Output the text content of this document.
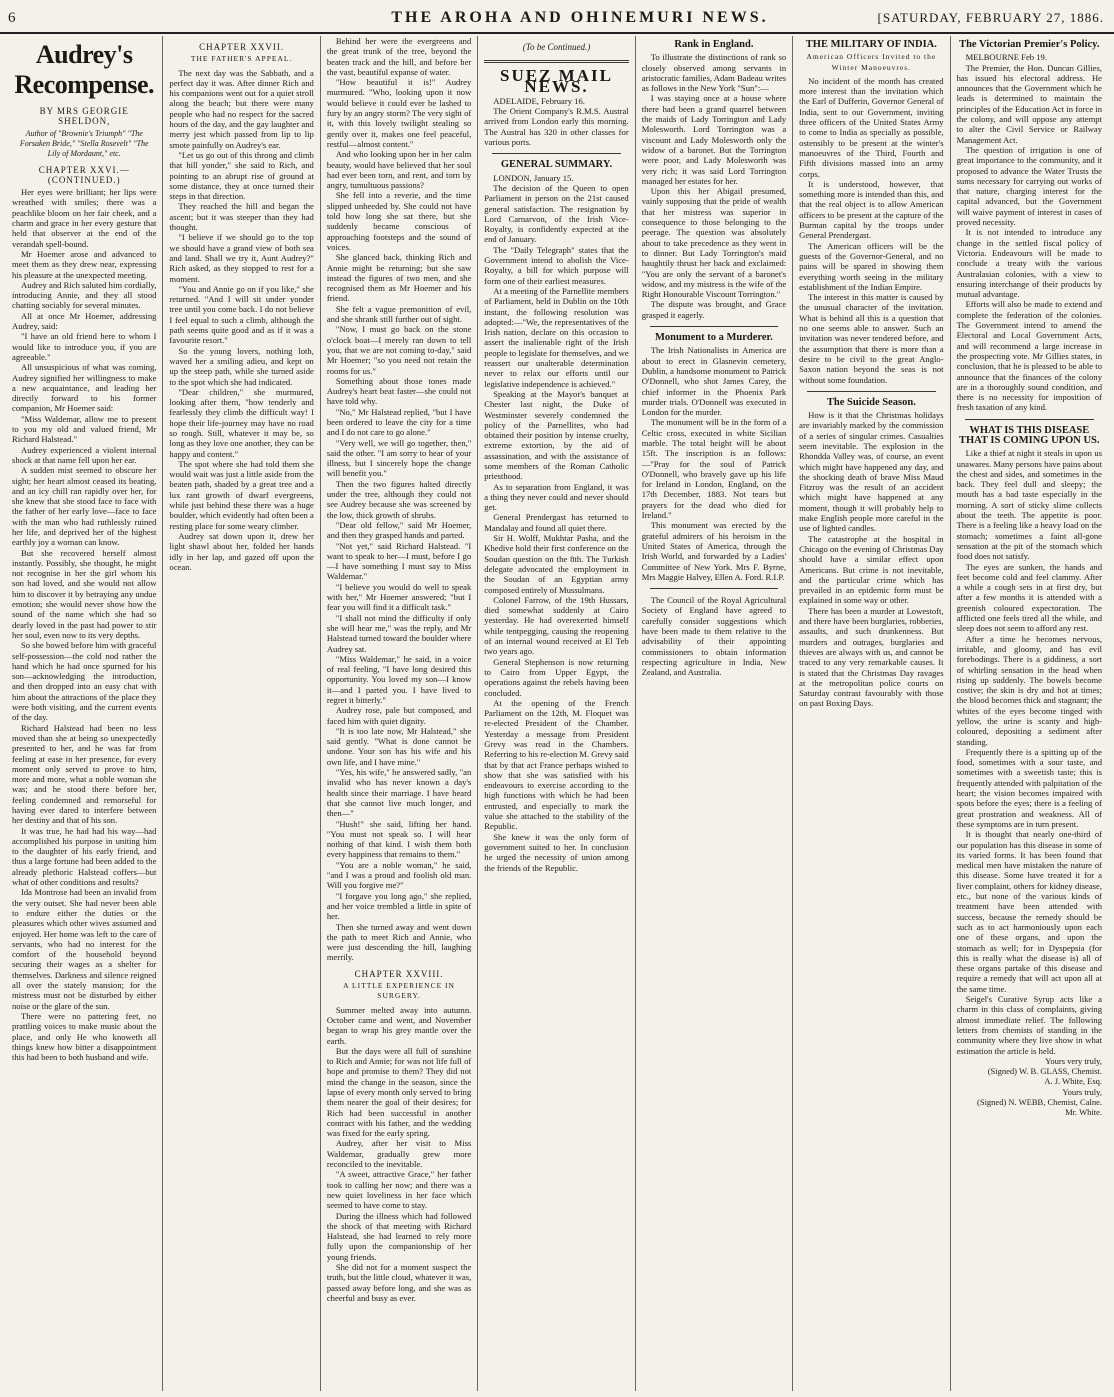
6	THE AROHA AND OHINEMURI NEWS.	[SATURDAY, FEBRUARY 27, 1886.
Audrey's Recompense.
BY MRS GEORGIE SHELDON,
Author of "Brownie's Triumph" "The Forsaken Bride," "Stella Rosevelt" "The Lily of Mordaunt," etc.
CHAPTER XXVI.—(CONTINUED.)

Her eyes were brilliant; her lips were wreathed with smiles; there was a peachlike bloom on her fair cheek, and a charm and grace in her every gesture that held that observer at the end of the verandah spell-bound.

Mr Hoemer arose and advanced to meet them as they drew near, expressing his pleasure at the unexpected meeting.

Audrey and Rich saluted him cordially, introducing Annie, and they all stood chatting sociably for several minutes.

All at once Mr Hoemer, addressing Audrey, said:

"I have an old friend here to whom I would like to introduce you, if you are agreeable."

All unsuspicious of what was coming, Audrey signified her willingness to make a new acquaintance, and leading her directly forward to his former companion, Mr Hoemer said:

"Miss Waldemar, allow me to present to you my old and valued friend, Mr Richard Halstead."

Audrey experienced a violent internal shock at that name fell upon her ear.

A sudden mist seemed to obscure her sight; her heart almost ceased its beating, and an icy chill ran rapidly over her, for she knew that she stood face to face with the father of her early love—face to face with the man who had ruthlessly ruined her life, and deprived her of the highest earthly joy a woman can know.

But she recovered herself almost instantly. Possibly, she thought, he might not recognise in her the girl whom his son had loved, and she would not allow him to discover it by betraying any undue emotion; she would never show how the sound of the name which she had so dearly loved in the past had power to stir her soul, even now to its very depths.

So she bowed before him with graceful self-possession—the cold nod rather the hand which he had once spurned for his son—acknowledging the introduction, and then dropped into an easy chat with him about the attractions of the place they were both visiting, and the current events of the day.

Richard Halstead had been no less moved than she at being so unexpectedly presented to her, and he was far from feeling at ease in her presence, for every moment only served to prove to him, more and more, what a noble woman she was; and he stood there before her, feeling condemned and remorseful for having ever dared to interfere between her destiny and that of his son.

It was true, he had had his way—had accomplished his purpose in uniting him to the daughter of his early friend, and thus a large fortune had been added to the already plethoric Halstead coffers—but what of other conditions and results?

Ida Montrose had been an invalid from the very outset. She had never been able to endure either the duties or the pleasures which other wives assumed and enjoyed. Her home was left to the care of servants, who had no interest for the comfort of the household beyond securing their wages as a shelter for themselves. Darkness and silence reigned all over the stately mansion; for the mistress must not be disturbed by either noise or the glare of the sun.

There were no pattering feet, no prattling voices to make music about the place, and only He who knoweth all things knew how bitter a disappointment this had been to both husband and wife.

CHAPTER XXVII.
THE FATHER'S APPEAL.

The next day was the Sabbath, and a perfect day it was. After dinner Rich and his companions went out for a quiet stroll along the beach; but there were many people who had no respect for the sacred hours of the day, and the gay laughter and merry jest which passed from lip to lip smote painfully on Audrey's ear.

"Let us go out of this throng and climb that hill yonder," she said to Rich, and pointing to an abrupt rise of ground at some distance, they at once turned their steps in that direction.

They reached the hill and began the ascent; but it was steeper than they had thought.

"I believe if we should go to the top we should have a grand view of both sea and land. Shall we try it, Aunt Audrey?" Rich asked, as they stopped to rest for a moment.

"You and Annie go on if you like," she returned. "And I will sit under yonder tree until you come back. I do not believe I feel equal to such a climb, although the path seems quite good and as if it was a favourite resort."

So the young lovers, nothing loth, waved her a smiling adieu, and kept on up the steep path, while she turned aside to the spot which she had indicated.

"Dear children," she murmured, looking after them, "how tenderly and fearlessly they climb the difficult way! I hope their life-journey may have no road so rough. Still, whatever it may be, so long as they love one another, they can be happy and content."

The spot where she had told them she would wait was just a little aside from the beaten path, shaded by a great tree and a lux rant growth of dwarf evergreens, while just behind these there was a huge boulder, which evidently had often been a resting place for some weary climber.

Audrey sat down upon it, drew her light shawl about her, folded her hands idly in her lap, and gazed off upon the ocean.

Behind her were the evergreens and the great trunk of the tree, beyond the beaten track and the hill, and before her the vast, beautiful expanse of water.

"How beautiful it is!" Audrey murmured. "Who, looking upon it now would believe it could ever be lashed to fury by an angry storm? The very sight of it, with this lovely twilight stealing so gently over it, makes one feel peaceful, restful—almost content."

And who looking upon her in her calm beauty, would have believed that her soul had ever been torn, and rent, and torn by angry, tumultuous passions?

She fell into a reverie, and the time slipped unheeded by. She could not have told how long she sat there, but she suddenly became conscious of approaching footsteps and the sound of voices.

She glanced back, thinking Rich and Annie might be returning; but she saw instead the figures of two men, and she recognised them as Mr Hoemer and his friend.

She felt a vague premonition of evil, and she shrank still further out of sight.

"Now, I must go back on the stone o'clock boat—I merely ran down to tell you, that we are not coming to-day," said Mr Hoemer; "so you need not retain the rooms for us."

Something about those tones made Audrey's heart beat faster—she could not have told why.

"No," Mr Halstead replied, "but I have been ordered to leave the city for a time and I do not care to go alone."

"Very well, we will go together, then," said the other. "I am sorry to hear of your illness, but I sincerely hope the change will benefit you."

Then the two figures halted directly under the tree, although they could not see Audrey because she was screened by the low, thick growth of shrubs.

"Dear old fellow," said Mr Hoemer, and then they grasped hands and parted.

"Not yet," said Richard Halstead. "I want to speak to her—I must, before I go—I have something I must say to Miss Waldemar."

"I believe you would do well to speak with her," Mr Hoemer answered; "but I fear you will find it a difficult task."

"I shall not mind the difficulty if only she will hear me," was the reply, and Mr Halstead turned toward the boulder where Audrey sat.

"Miss Waldemar," he said, in a voice of real feeling, "I have long desired this opportunity. You loved my son—I know it—and I parted you. I have lived to regret it bitterly."

Audrey rose, pale but composed, and faced him with quiet dignity.

"It is too late now, Mr Halstead," she said gently. "What is done cannot be undone. Your son has his wife and his own life, and I have mine."

"Yes, his wife," he answered sadly, "an invalid who has never known a day's health since their marriage. I have heard that she cannot live much longer, and then—"

"Hush!" she said, lifting her hand. "You must not speak so. I will hear nothing of that kind. I wish them both every happiness that remains to them."

"You are a noble woman," he said, "and I was a proud and foolish old man. Will you forgive me?"

"I forgave you long ago," she replied, and her voice trembled a little in spite of her.

Then she turned away and went down the path to meet Rich and Annie, who were just descending the hill, laughing merrily.

CHAPTER XXVIII.
A LITTLE EXPERIENCE IN SURGERY.

Summer melted away into autumn. October came and went, and November began to wrap his grey mantle over the earth.

But the days were all full of sunshine to Rich and Annie; for was not life full of hope and promise to them? They did not mind the change in the season, since the lapse of every month only served to bring them nearer the goal of their desires; for Rich had been successful in another contract with his father, and the wedding was fixed for the early spring.

Audrey, after her visit to Miss Waldemar, gradually grew more reconciled to the inevitable.

"A sweet, attractive Grace," her father took to calling her now; and there was a new quiet loveliness in her face which seemed to have come to stay.

During the illness which had followed the shock of that meeting with Richard Halstead, she had learned to rely more fully upon the companionship of her young friends.

She did not for a moment suspect the truth, but the little cloud, whatever it was, passed away before long, and she was as cheerful and busy as ever.

(To be Continued.)
SUEZ MAIL NEWS.

ADELAIDE, February 16.

The Orient Company's R.M.S. Austral arrived from London early this morning. The Austral has 320 in other classes for various ports.

GENERAL SUMMARY.

LONDON, January 15.

The decision of the Queen to open Parliament in person on the 21st caused general satisfaction. The resignation by Lord Carnarvon, of the Irish Vice-Royalty, is confidently expected at the end of January.

The "Daily Telegraph" states that the Government intend to abolish the Vice-Royalty, a bill for which purpose will form one of their earliest measures.

At a meeting of the Parnellite members of Parliament, held in Dublin on the 10th instant, the following resolution was adopted:—"We, the representatives of the Irish nation, declare on this occasion to assert the inalienable right of the Irish people to legislate for themselves, and we reassert our unalterable determination never to relax our efforts until our legislative independence is achieved."

Speaking at the Mayor's banquet at Chester last night, the Duke of Westminster severely condemned the policy of the Parnellites, who had obtained their position by intense cruelty, extreme extortion, by the aid of assassination, and with the assistance of some members of the Roman Catholic priesthood.

As to separation from England, it was a thing they never could and never should get.

General Prendergast has returned to Mandalay and found all quiet there.

Sir H. Wolff, Mukhtar Pasha, and the Khedive hold their first conference on the Soudan question on the 8th. The Turkish delegate advocated the employment in the Soudan of an Egyptian army composed entirely of Mussulmans.

Colonel Farrow, of the 19th Hussars, died somewhat suddenly at Cairo yesterday. He had overexerted himself while tentpegging, causing the reopening of an internal wound received at El Teb two years ago.

General Stephenson is now returning to Cairo from Upper Egypt, the operations against the rebels having been concluded.

At the opening of the French Parliament on the 12th, M. Floquet was re-elected President of the Chamber. Yesterday a message from President Grevy was read in the Chambers. Referring to his re-election M. Grevy said that by that act France perhaps wished to show that she was satisfied with his endeavours to exercise according to the high functions with which he had been entrusted, and especially to mark the value she attached to the stability of the Republic.

She knew it was the only form of government suited to her. In conclusion he urged the necessity of union among the friends of the Republic.

Rank in England.

To illustrate the distinctions of rank so closely observed among servants in aristocratic families, Adam Badeau writes as follows in the New York "Sun":—

I was staying once at a house where there had been a grand quarrel between the maids of Lady Torrington and Lady Molesworth. Lord Torrington was a viscount and Lady Molesworth only the widow of a baronet. But the Torrington were poor, and Lady Molesworth was very rich; it was said Lord Torrington managed her estates for her.

Upon this her Abigail presumed, vainly supposing that the pride of wealth that her mistress was superior in consequence to those belonging to the peerage. The question was absolutely about to take precedence as they went in to dinner. But Lady Torrington's maid haughtily thrust her back and exclaimed: "You are only the servant of a baronet's widow, and my mistress is the wife of the Right Honourable Viscount Torrington."

The dispute was brought, and Grace grasped it eagerly.

Monument to a Murderer.

The Irish Nationalists in America are about to erect in Glasnevin cemetery, Dublin, a handsome monument to Patrick O'Donnell, who shot James Carey, the chief informer in the Phoenix Park murder trials. O'Donnell was executed in London for the murder.

The monument will be in the form of a Celtic cross, executed in white Sicilian marble. The total height will be about 15ft. The inscription is as follows:—"Pray for the soul of Patrick O'Donnell, who bravely gave up his life for Ireland in London, England, on the 17th December, 1883. Not tears but prayers for the dead who died for Ireland."

This monument was erected by the grateful admirers of his heroism in the United States of America, through the Irish World, and forwarded by a Ladies' Committee of New York. Mrs F. Byrne, Mrs Maggie Halvey, Ellen A. Ford. R.I.P.

The Council of the Royal Agricultural Society of England have agreed to carefully consider suggestions which have been made to them relative to the advisability of their appointing commissioners to obtain information respecting agriculture in India, New Zealand, and Australia.

THE MILITARY OF INDIA.
American Officers Invited to the Winter Manoeuvres.

No incident of the month has created more interest than the invitation which the Earl of Dufferin, Governor General of India, sent to our Government, inviting three officers of the United States Army to come to India as specially as possible, ostensibly to be present at the winter's manoeuvres of the Third, Fourth and Fifth divisions massed into an army corps.

It is understood, however, that something more is intended than this, and that the real object is to allow American officers to be present at the capture of the Burman capital by the troops under General Prendergast.

The American officers will be the guests of the Governor-General, and no pains will be spared in showing them everything worth seeing in the military establishment of the Indian Empire.

The interest in this matter is caused by the unusual character of the invitation. What is behind all this is a question that no one seems able to answer. Such an invitation was never tendered before, and the assumption that there is more than a desire to be civil to the great Anglo-Saxon nation beyond the seas is not without some foundation.

The Suicide Season.

How is it that the Christmas holidays are invariably marked by the commission of a series of singular crimes. Casualties seem inevitable. The explosion in the Rhondda Valley was, of course, an event which might have happened any day, and the shocking death of brave Miss Maud Fitzroy was the result of an accident which might have happened at any moment, though it will probably help to make English people more careful in the use of lighted candles.

The catastrophe at the hospital in Chicago on the evening of Christmas Day should have a similar effect upon Americans. But crime is not inevitable, and the particular crime which has prevailed in an epidemic form must be explained in some way or other.

There has been a murder at Lowestoft, and there have been burglaries, robberies, assaults, and such drunkenness. But murders and outrages, burglaries and thieves are always with us, and cannot be traced to any very remarkable causes. It is stated that the Christmas Day ravages at the metropolitan police courts on Saturday contrast favourably with those on past Boxing Days.

The Victorian Premier's Policy.

MELBOURNE Feb 19.

The Premier, the Hon. Duncan Gillies, has issued his electoral address. He announces that the Government which he leads is determined to maintain the principles of the Education Act in force in the colony, and will oppose any attempt to alter the Civil Service or Railway Management Act.

The question of irrigation is one of great importance to the community, and it proposed to advance the Water Trusts the sums necessary for carrying out works of that nature, charging interest for the capital advanced, but the Government will waive payment of interest in cases of proved necessity.

It is not intended to introduce any change in the settled fiscal policy of Victoria. Endeavours will be made to conclude a treaty with the various Australasian colonies, with a view to ensuring interchange of their products by mutual advantage.

Efforts will also be made to extend and complete the federation of the colonies. The Government intend to amend the Electoral and Local Government Acts, and will recommend a large increase in the prospecting vote. Mr Gillies states, in conclusion, that he is pleased to be able to announce that the finances of the colony are in a thoroughly sound condition, and there is no necessity for imposition of fresh taxation of any kind.

WHAT IS THIS DISEASE THAT IS COMING UPON US.

Like a thief at night it steals in upon us unawares. Many persons have pains about the chest and sides, and sometimes in the back. They feel dull and sleepy; the mouth has a bad taste especially in the morning. A sort of sticky slime collects about the teeth. The appetite is poor. There is a feeling like a heavy load on the stomach; sometimes a faint all-gone sensation at the pit of the stomach which food does not satisfy.

The eyes are sunken, the hands and feet become cold and feel clammy. After a while a cough sets in at first dry, but after a few months it is attended with a greenish coloured expectoration. The afflicted one feels tired all the while, and sleep does not seem to afford any rest.

After a time he becomes nervous, irritable, and gloomy, and has evil forebodings. There is a giddiness, a sort of whirling sensation in the head when rising up suddenly. The bowels become costive; the skin is dry and hot at times; the blood becomes thick and stagnant; the whites of the eyes become tinged with yellow, the urine is scanty and high-coloured, depositing a sediment after standing.

Frequently there is a spitting up of the food, sometimes with a sour taste, and sometimes with a sweetish taste; this is frequently attended with palpitation of the heart; the vision becomes impaired with spots before the eyes; there is a feeling of great prostration and weakness. All of these symptoms are in turn present.

It is thought that nearly one-third of our population has this disease in some of its varied forms. It has been found that medical men have mistaken the nature of this disease. Some have treated it for a liver complaint, others for kidney disease, etc., but none of the various kinds of treatment have been attended with success, because the remedy should be such as to act harmoniously upon each one of these organs, and upon the stomach as well; for in Dyspepsia (for this is really what the disease is) all of these organs partake of this disease and require a remedy that will act upon all at the same time.

Seigel's Curative Syrup acts like a charm in this class of complaints, giving almost immediate relief. The following letters from chemists of standing in the community where they live show in what estimation the article is held.

Yours very truly,

(Signed) W. B. GLASS, Chemist.

A. J. White, Esq.

Yours truly,

(Signed) N. WEBB, Chemist, Calne.

Mr. White.
